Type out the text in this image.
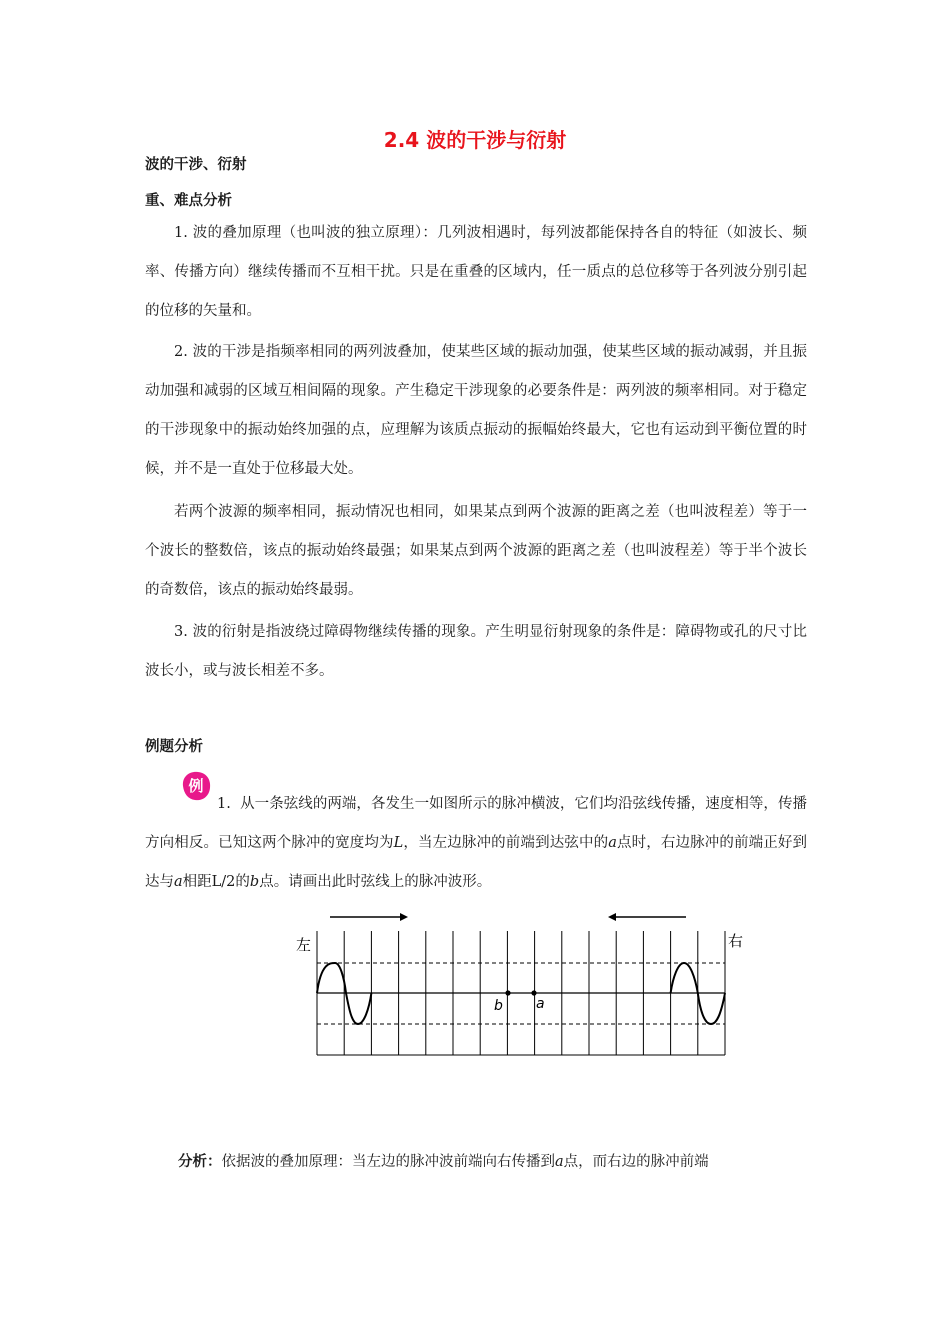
2.4 波的干涉与衍射
波的干涉、衍射
重、难点分析

1. 波的叠加原理（也叫波的独立原理）：几列波相遇时，每列波都能保持各自的特征（如波长、频率、传播方向）继续传播而不互相干扰。只是在重叠的区域内，任一质点的总位移等于各列波分别引起的位移的矢量和。

2. 波的干涉是指频率相同的两列波叠加，使某些区域的振动加强，使某些区域的振动减弱，并且振动加强和减弱的区域互相间隔的现象。产生稳定干涉现象的必要条件是：两列波的频率相同。对于稳定的干涉现象中的振动始终加强的点，应理解为该质点振动的振幅始终最大，它也有运动到平衡位置的时候，并不是一直处于位移最大处。

若两个波源的频率相同，振动情况也相同，如果某点到两个波源的距离之差（也叫波程差）等于一个波长的整数倍，该点的振动始终最强；如果某点到两个波源的距离之差（也叫波程差）等于半个波长的奇数倍，该点的振动始终最弱。

3. 波的衍射是指波绕过障碍物继续传播的现象。产生明显衍射现象的条件是：障碍物或孔的尺寸比波长小，或与波长相差不多。

例题分析
例

1. 从一条弦线的两端，各发生一如图所示的脉冲横波，它们均沿弦线传播，速度相等，传播方向相反。已知这两个脉冲的宽度均为L，当左边脉冲的前端到达弦中的a点时，右边脉冲的前端正好到达与a相距L/2的b点。请画出此时弦线上的脉冲波形。

左	右
b a
分析：依据波的叠加原理：当左边的脉冲波前端向右传播到a点，而右边的脉冲前端
